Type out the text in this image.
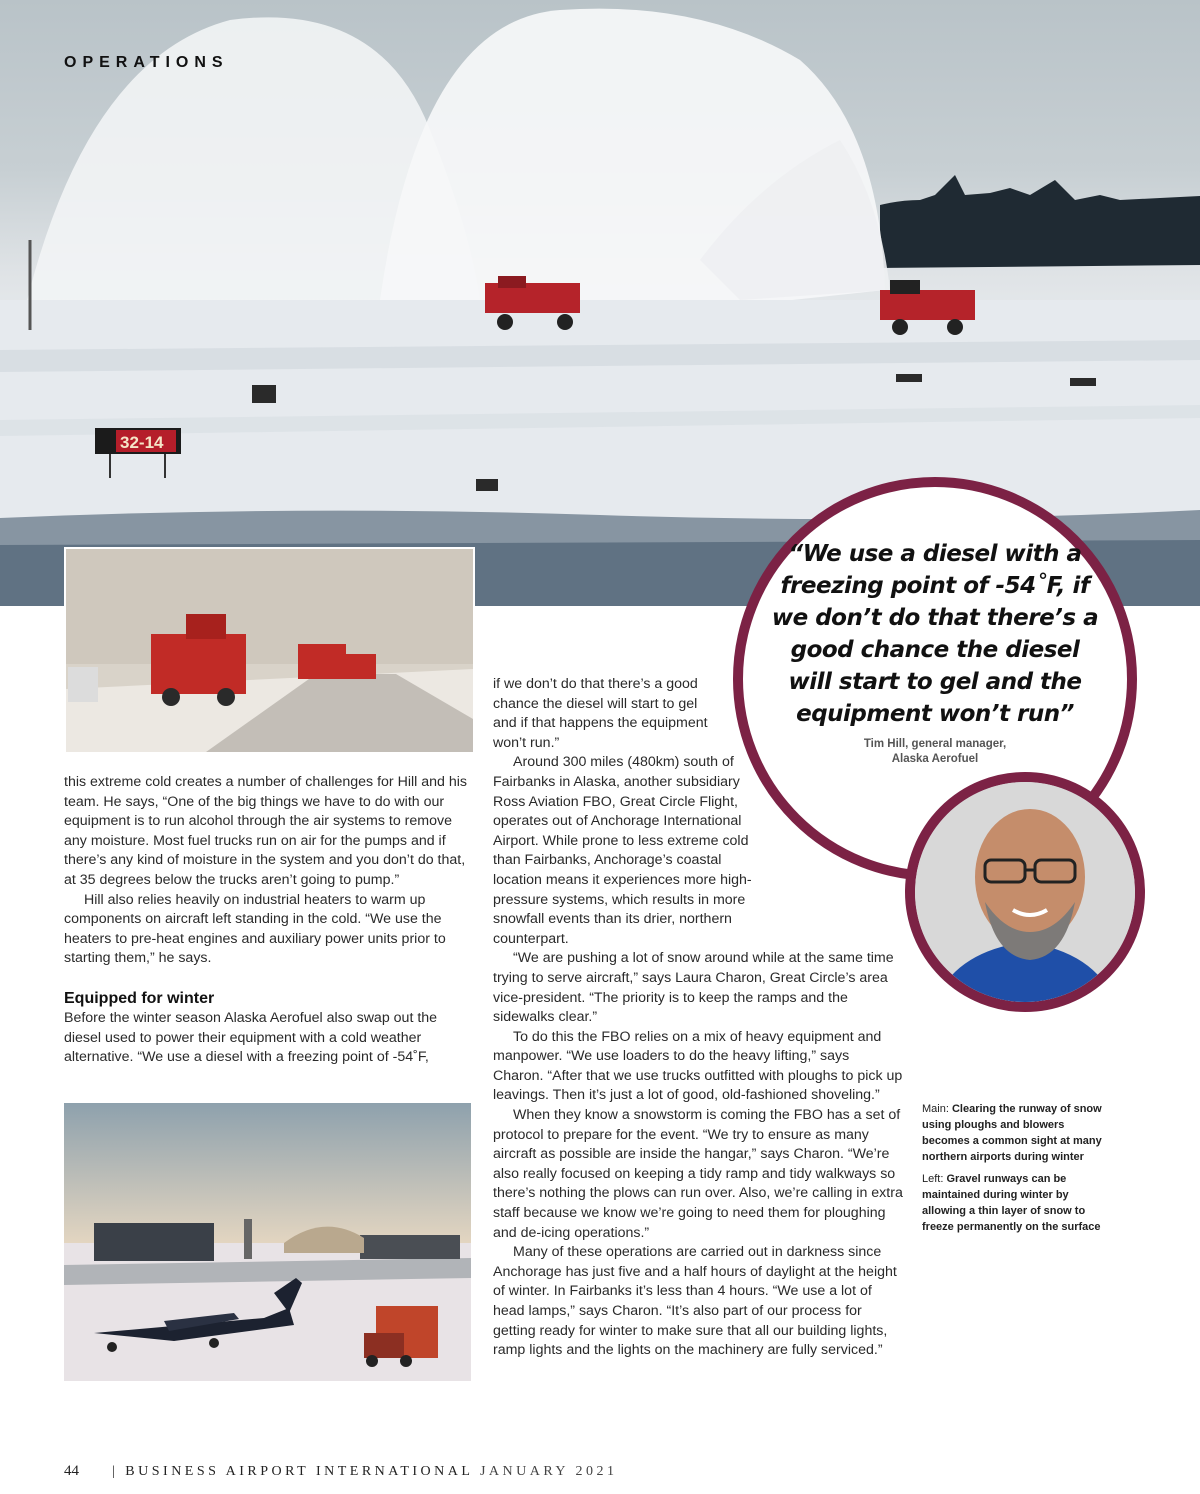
32-14
OPERATIONS

this extreme cold creates a number of challenges for Hill and his team. He says, “One of the big things we have to do with our equipment is to run alcohol through the air systems to remove any moisture. Most fuel trucks run on air for the pumps and if there’s any kind of moisture in the system and you don’t do that, at 35 degrees below the trucks aren’t going to pump.”

Hill also relies heavily on industrial heaters to warm up components on aircraft left standing in the cold. “We use the heaters to pre-heat engines and auxiliary power units prior to starting them,” he says.

Equipped for winter

Before the winter season Alaska Aerofuel also swap out the diesel used to power their equipment with a cold weather alternative. “We use a diesel with a freezing point of -54˚F,

if we don’t do that there’s a good chance the diesel will start to gel and if that happens the equipment won’t run.”

Around 300 miles (480km) south of Fairbanks in Alaska, another subsidiary Ross Aviation FBO, Great Circle Flight, operates out of Anchorage International Airport. While prone to less extreme cold than Fairbanks, Anchorage’s coastal location means it experiences more high-pressure systems, which results in more snowfall events than its drier, northern counterpart.

“We are pushing a lot of snow around while at the same time trying to serve aircraft,” says Laura Charon, Great Circle’s area vice-president. “The priority is to keep the ramps and the sidewalks clear.”

To do this the FBO relies on a mix of heavy equipment and manpower. “We use loaders to do the heavy lifting,” says Charon. “After that we use trucks outfitted with ploughs to pick up leavings. Then it’s just a lot of good, old-fashioned shoveling.”

When they know a snowstorm is coming the FBO has a set of protocol to prepare for the event. “We try to ensure as many aircraft as possible are inside the hangar,” says Charon. “We’re also really focused on keeping a tidy ramp and tidy walkways so there’s nothing the plows can run over. Also, we’re calling in extra staff because we know we’re going to need them for ploughing and de-icing operations.”

Many of these operations are carried out in darkness since Anchorage has just five and a half hours of daylight at the height of winter. In Fairbanks it’s less than 4 hours. “We use a lot of head lamps,” says Charon. “It’s also part of our process for getting ready for winter to make sure that all our building lights, ramp lights and the lights on the machinery are fully serviced.”

“We use a diesel with a freezing point of -54˚F, if we don’t do that there’s a good chance the diesel will start to gel and the equipment won’t run”
Tim Hill, general manager,
Alaska Aerofuel

Main: Clearing the runway of snow using ploughs and blowers becomes a common sight at many northern airports during winter

Left: Gravel runways can be maintained during winter by allowing a thin layer of snow to freeze permanently on the surface

44 | BUSINESS AIRPORT INTERNATIONAL JANUARY 2021
